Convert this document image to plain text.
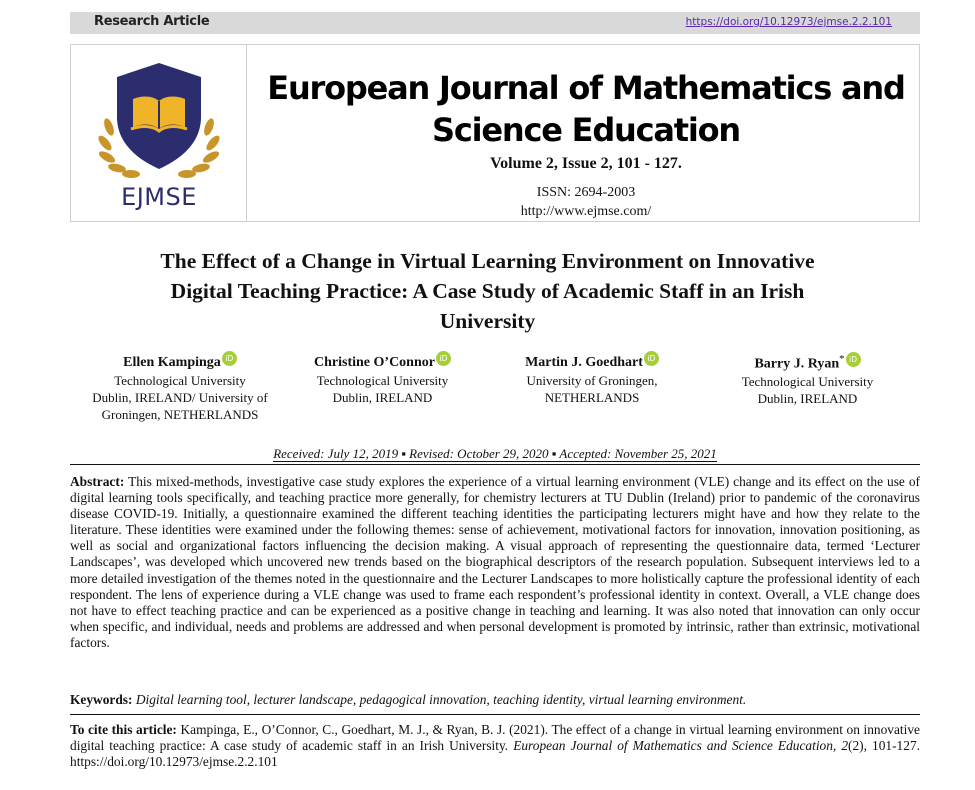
Research Article	https://doi.org/10.12973/ejmse.2.2.101
EJMSE
European Journal of Mathematics and
Science Education
Volume 2, Issue 2, 101 - 127.
ISSN: 2694-2003
http://www.ejmse.com/
The Effect of a Change in Virtual Learning Environment on Innovative
Digital Teaching Practice: A Case Study of Academic Staff in an Irish
University
Ellen Kampinga iD
Technological University
Dublin, IRELAND/ University of
Groningen, NETHERLANDS
Christine O’Connor iD
Technological University
Dublin, IRELAND
Martin J. Goedhart iD
University of Groningen,
NETHERLANDS
Barry J. Ryan* iD
Technological University
Dublin, IRELAND
Received: July 12, 2019 ▪ Revised: October 29, 2020 ▪ Accepted: November 25, 2021
Abstract: This mixed-methods, investigative case study explores the experience of a virtual learning environment (VLE) change and its effect on the use of digital learning tools specifically, and teaching practice more generally, for chemistry lecturers at TU Dublin (Ireland) prior to pandemic of the coronavirus disease COVID-19. Initially, a questionnaire examined the different teaching identities the participating lecturers might have and how they relate to the literature. These identities were examined under the following themes: sense of achievement, motivational factors for innovation, innovation positioning, as well as social and organizational factors influencing the decision making. A visual approach of representing the questionnaire data, termed ‘Lecturer Landscapes’, was developed which uncovered new trends based on the biographical descriptors of the research population. Subsequent interviews led to a more detailed investigation of the themes noted in the questionnaire and the Lecturer Landscapes to more holistically capture the professional identity of each respondent. The lens of experience during a VLE change was used to frame each respondent’s professional identity in context. Overall, a VLE change does not have to effect teaching practice and can be experienced as a positive change in teaching and learning. It was also noted that innovation can only occur when specific, and individual, needs and problems are addressed and when personal development is promoted by intrinsic, rather than extrinsic, motivational factors.
Keywords: Digital learning tool, lecturer landscape, pedagogical innovation, teaching identity, virtual learning environment.
To cite this article: Kampinga, E., O’Connor, C., Goedhart, M. J., & Ryan, B. J. (2021). The effect of a change in virtual learning environment on innovative digital teaching practice: A case study of academic staff in an Irish University. European Journal of Mathematics and Science Education, 2(2), 101-127. https://doi.org/10.12973/ejmse.2.2.101
